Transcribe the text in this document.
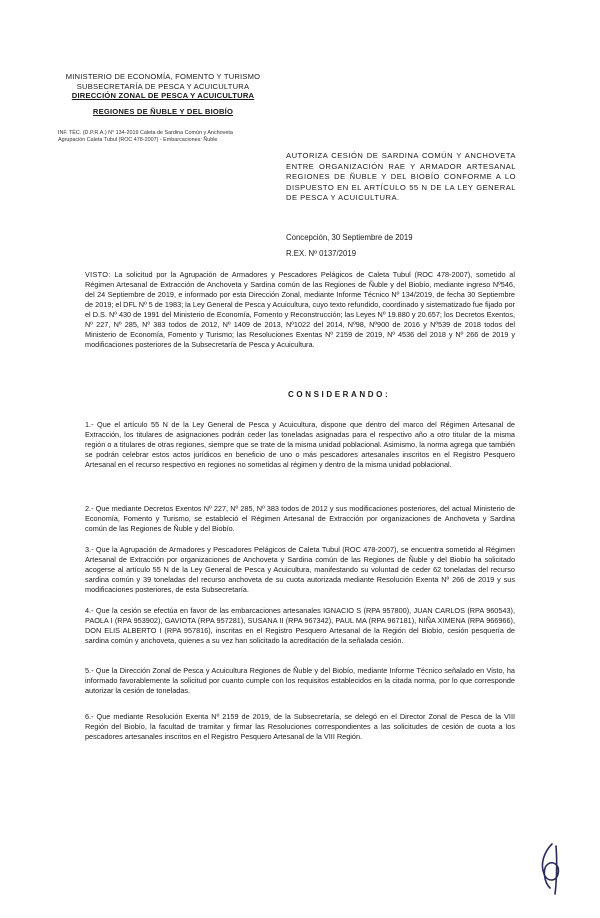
MINISTERIO DE ECONOMÍA, FOMENTO Y TURISMO
SUBSECRETARÍA DE PESCA Y ACUICULTURA
DIRECCIÓN ZONAL DE PESCA Y ACUICULTURA
REGIONES DE ÑUBLE Y DEL BIOBÍO
INF. TÉC. (D.P.R.A.) N° 134-2019 Caleta de Sardina Común y Anchoveta
Agrupación Caleta Tubul (ROC 478-2007) - Embarcaciones: Ñuble
AUTORIZA CESIÓN DE SARDINA COMÚN Y ANCHOVETA ENTRE ORGANIZACIÓN RAE Y ARMADOR ARTESANAL REGIONES DE ÑUBLE Y DEL BIOBÍO CONFORME A LO DISPUESTO EN EL ARTÍCULO 55 N DE LA LEY GENERAL DE PESCA Y ACUICULTURA.
Concepción, 30 Septiembre de 2019
R.EX. Nº 0137/2019
VISTO: La solicitud por la Agrupación de Armadores y Pescadores Pelágicos de Caleta Tubul (ROC 478-2007), sometido al Régimen Artesanal de Extracción de Anchoveta y Sardina común de las Regiones de Ñuble y del Biobío, mediante ingreso Nº546, del 24 Septiembre de 2019, e informado por esta Dirección Zonal, mediante Informe Técnico Nº 134/2019, de fecha 30 Septiembre de 2019; el DFL Nº 5 de 1983; la Ley General de Pesca y Acuicultura, cuyo texto refundido, coordinado y sistematizado fue fijado por el D.S. Nº 430 de 1991 del Ministerio de Economía, Fomento y Reconstrucción; las Leyes Nº 19.880 y 20.657; los Decretos Exentos, Nº 227, Nº 285, Nº 383 todos de 2012, Nº 1409 de 2013, Nº1022 del 2014, Nº98, Nº900 de 2016 y Nº539 de 2018 todos del Ministerio de Economía, Fomento y Turismo; las Resoluciones Exentas Nº 2159 de 2019, Nº 4536 del 2018 y Nº 266 de 2019 y modificaciones posteriores de la Subsecretaría de Pesca y Acuicultura.
CONSIDERANDO:
1.- Que el artículo 55 N de la Ley General de Pesca y Acuicultura, dispone que dentro del marco del Régimen Artesanal de Extracción, los titulares de asignaciones podrán ceder las toneladas asignadas para el respectivo año a otro titular de la misma región o a titulares de otras regiones, siempre que se trate de la misma unidad poblacional. Asimismo, la norma agrega que también se podrán celebrar estos actos jurídicos en beneficio de uno o más pescadores artesanales inscritos en el Registro Pesquero Artesanal en el recurso respectivo en regiones no sometidas al régimen y dentro de la misma unidad poblacional.
2.- Que mediante Decretos Exentos Nº 227, Nº 285, Nº 383 todos de 2012 y sus modificaciones posteriores, del actual Ministerio de Economía, Fomento y Turismo, se estableció el Régimen Artesanal de Extracción por organizaciones de Anchoveta y Sardina común de las Regiones de Ñuble y del Biobío.
3.- Que la Agrupación de Armadores y Pescadores Pelágicos de Caleta Tubul (ROC 478-2007), se encuentra sometido al Régimen Artesanal de Extracción por organizaciones de Anchoveta y Sardina común de las Regiones de Ñuble y del Biobío ha solicitado acogerse al artículo 55 N de la Ley General de Pesca y Acuicultura, manifestando su voluntad de ceder 62 toneladas del recurso sardina común y 39 toneladas del recurso anchoveta de su cuota autorizada mediante Resolución Exenta Nº 266 de 2019 y sus modificaciones posteriores, de esta Subsecretaría.
4.- Que la cesión se efectúa en favor de las embarcaciones artesanales IGNACIO S (RPA 957800), JUAN CARLOS (RPA 960543), PAOLA I (RPA 953902), GAVIOTA (RPA 957281), SUSANA II (RPA 967342), PAUL MA (RPA 967181), NIÑA XIMENA (RPA 966966), DON ELIS ALBERTO I (RPA 957816), inscritas en el Registro Pesquero Artesanal de la Región del Biobío, cesión pesquería de sardina común y anchoveta, quienes a su vez han solicitado la acreditación de la señalada cesión.
5.- Que la Dirección Zonal de Pesca y Acuicultura Regiones de Ñuble y del Biobío, mediante Informe Técnico señalado en Visto, ha informado favorablemente la solicitud por cuanto cumple con los requisitos establecidos en la citada norma, por lo que corresponde autorizar la cesión de toneladas.
6.- Que mediante Resolución Exenta Nº 2159 de 2019, de la Subsecretaría, se delegó en el Director Zonal de Pesca de la VIII Región del Biobío, la facultad de tramitar y firmar las Resoluciones correspondientes a las solicitudes de cesión de cuota a los pescadores artesanales inscritos en el Registro Pesquero Artesanal de la VIII Región.
